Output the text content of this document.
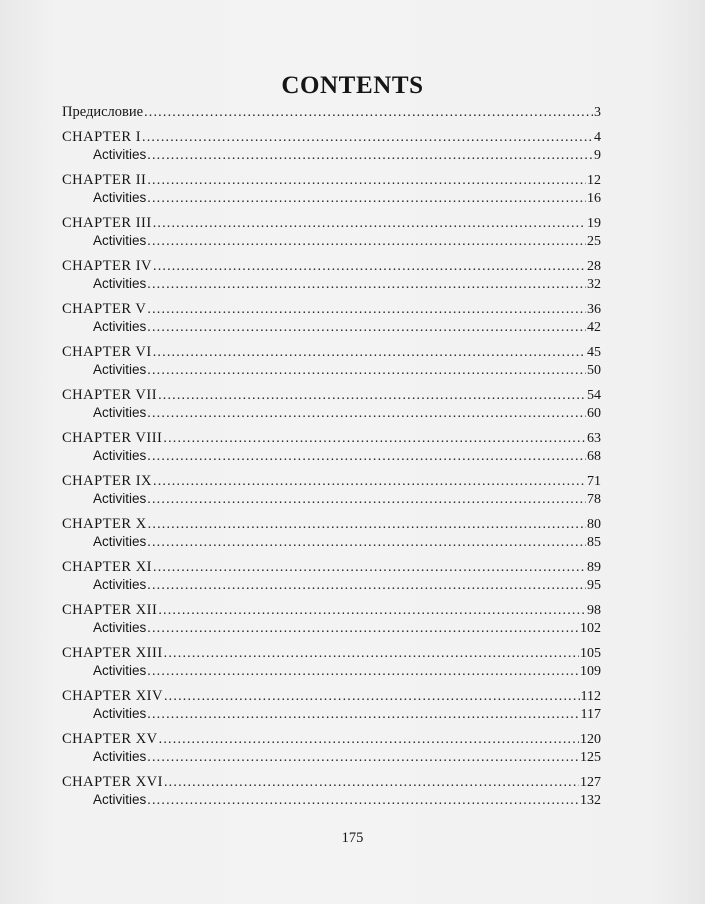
CONTENTS
Предисловие .....	3
CHAPTER I .....	4
Activities .....	9
CHAPTER II .....	12
Activities .....	16
CHAPTER III .....	19
Activities .....	25
CHAPTER IV .....	28
Activities .....	32
CHAPTER V .....	36
Activities .....	42
CHAPTER VI .....	45
Activities .....	50
CHAPTER VII .....	54
Activities .....	60
CHAPTER VIII .....	63
Activities .....	68
CHAPTER IX .....	71
Activities .....	78
CHAPTER X .....	80
Activities .....	85
CHAPTER XI .....	89
Activities .....	95
CHAPTER XII .....	98
Activities .....	102
CHAPTER XIII .....	105
Activities .....	109
CHAPTER XIV .....	112
Activities .....	117
CHAPTER XV .....	120
Activities .....	125
CHAPTER XVI .....	127
Activities .....	132
175
